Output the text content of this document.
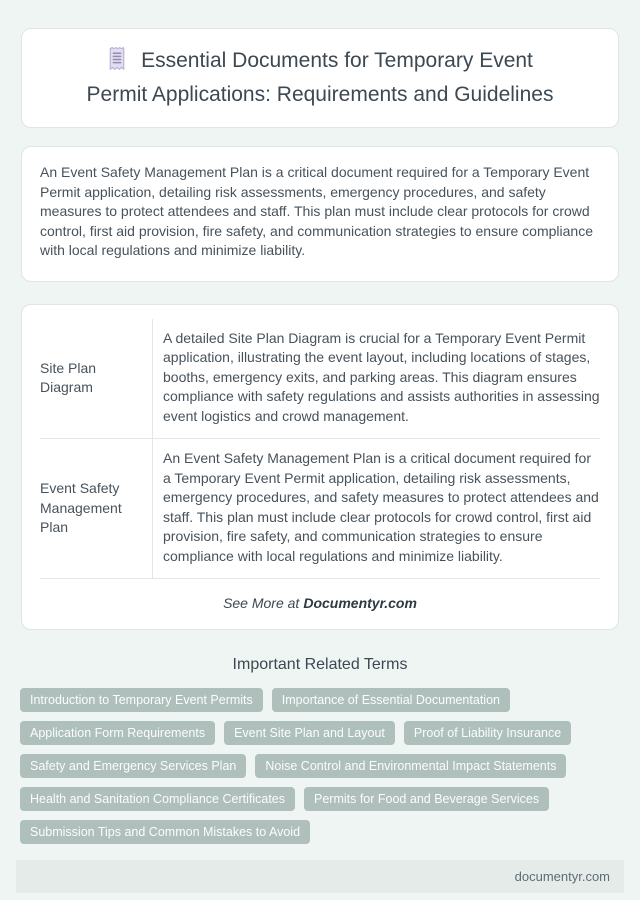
Essential Documents for Temporary Event
Permit Applications: Requirements and Guidelines

An Event Safety Management Plan is a critical document required for a Temporary Event Permit application, detailing risk assessments, emergency procedures, and safety measures to protect attendees and staff. This plan must include clear protocols for crowd control, first aid provision, fire safety, and communication strategies to ensure compliance with local regulations and minimize liability.

Site Plan Diagram	A detailed Site Plan Diagram is crucial for a Temporary Event Permit application, illustrating the event layout, including locations of stages, booths, emergency exits, and parking areas. This diagram ensures compliance with safety regulations and assists authorities in assessing event logistics and crowd management.
Event Safety Management Plan	An Event Safety Management Plan is a critical document required for a Temporary Event Permit application, detailing risk assessments, emergency procedures, and safety measures to protect attendees and staff. This plan must include clear protocols for crowd control, first aid provision, fire safety, and communication strategies to ensure compliance with local regulations and minimize liability.
See More at Documentyr.com
Important Related Terms
Introduction to Temporary Event Permits	Importance of Essential Documentation
Application Form Requirements	Event Site Plan and Layout	Proof of Liability Insurance
Safety and Emergency Services Plan	Noise Control and Environmental Impact Statements
Health and Sanitation Compliance Certificates	Permits for Food and Beverage Services
Submission Tips and Common Mistakes to Avoid
documentyr.com
